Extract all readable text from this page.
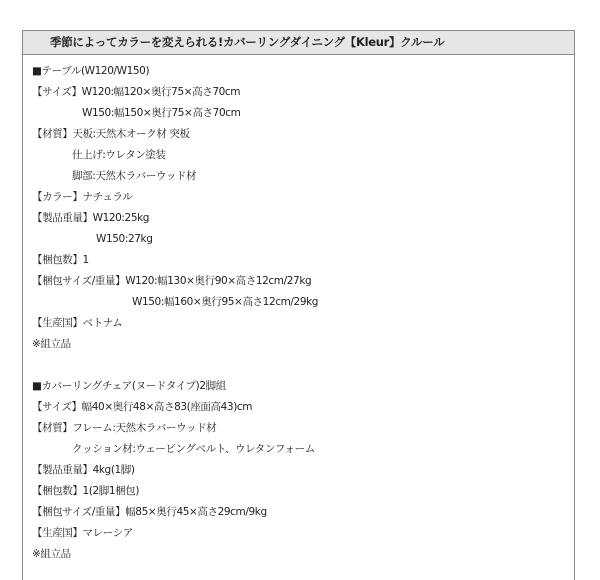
季節によってカラーを変えられる!カバーリングダイニング【Kleur】クルール
■テーブル(W120/W150)
【サイズ】W120:幅120×奥行75×高さ70cm
W150:幅150×奥行75×高さ70cm
【材質】天板:天然木オーク材 突板
仕上げ:ウレタン塗装
脚部:天然木ラバーウッド材
【カラー】ナチュラル
【製品重量】W120:25kg
W150:27kg
【梱包数】1
【梱包サイズ/重量】W120:幅130×奥行90×高さ12cm/27kg
W150:幅160×奥行95×高さ12cm/29kg
【生産国】ベトナム
※組立品
■カバーリングチェア(ヌードタイプ)2脚組
【サイズ】幅40×奥行48×高さ83(座面高43)cm
【材質】フレーム:天然木ラバーウッド材
クッション材:ウェービングベルト、ウレタンフォーム
【製品重量】4kg(1脚)
【梱包数】1(2脚1梱包)
【梱包サイズ/重量】幅85×奥行45×高さ29cm/9kg
【生産国】マレーシア
※組立品
